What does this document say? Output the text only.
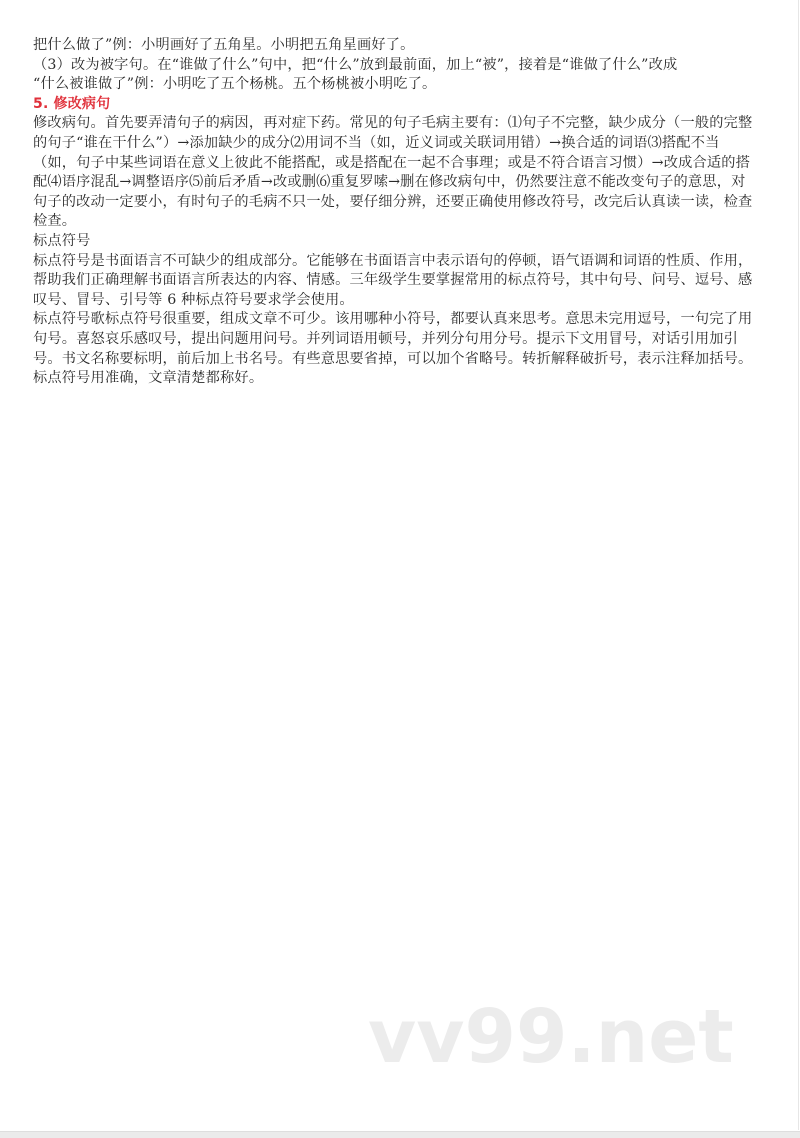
把什么做了”例：小明画好了五角星。小明把五角星画好了。
（3）改为被字句。在“谁做了什么”句中，把“什么”放到最前面，加上“被”，接着是“谁做了什么”改成
“什么被谁做了”例：小明吃了五个杨桃。五个杨桃被小明吃了。
5. 修改病句
修改病句。首先要弄清句子的病因，再对症下药。常见的句子毛病主要有：⑴句子不完整，缺少成分（一般的完整
的句子“谁在干什么”）→添加缺少的成分⑵用词不当（如，近义词或关联词用错）→换合适的词语⑶搭配不当
（如，句子中某些词语在意义上彼此不能搭配，或是搭配在一起不合事理；或是不符合语言习惯）→改成合适的搭
配⑷语序混乱→调整语序⑸前后矛盾→改或删⑹重复罗嗦→删在修改病句中，仍然要注意不能改变句子的意思，对
句子的改动一定要小，有时句子的毛病不只一处，要仔细分辨，还要正确使用修改符号，改完后认真读一读，检查
检查。
标点符号
标点符号是书面语言不可缺少的组成部分。它能够在书面语言中表示语句的停顿，语气语调和词语的性质、作用，
帮助我们正确理解书面语言所表达的内容、情感。三年级学生要掌握常用的标点符号，其中句号、问号、逗号、感
叹号、冒号、引号等 6 种标点符号要求学会使用。
标点符号歌标点符号很重要，组成文章不可少。该用哪种小符号，都要认真来思考。意思未完用逗号，一句完了用
句号。喜怒哀乐感叹号，提出问题用问号。并列词语用顿号，并列分句用分号。提示下文用冒号，对话引用加引
号。书文名称要标明，前后加上书名号。有些意思要省掉，可以加个省略号。转折解释破折号，表示注释加括号。
标点符号用准确，文章清楚都称好。
vv99.net
